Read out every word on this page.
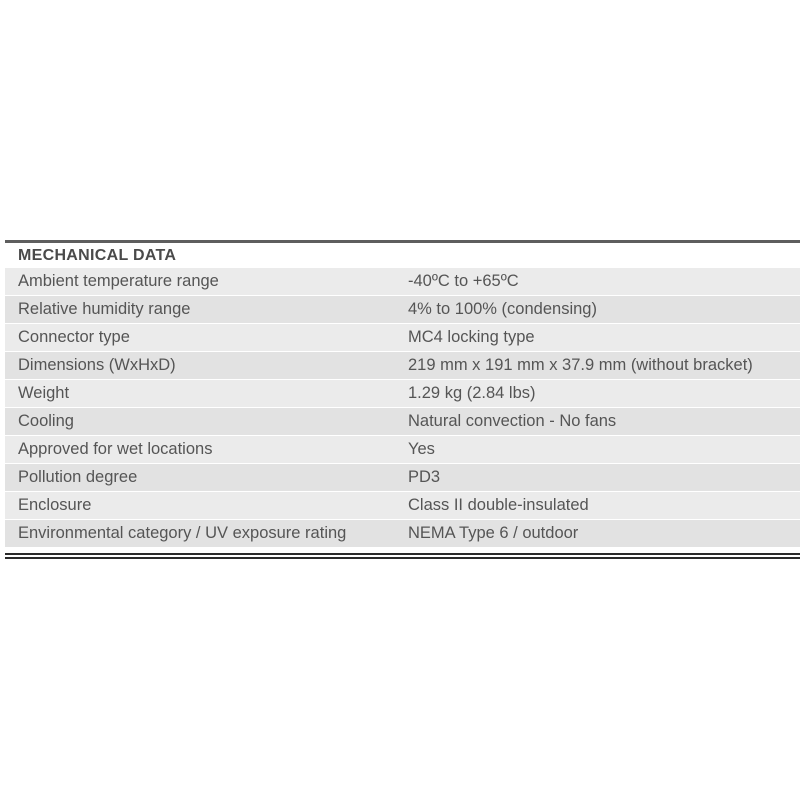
MECHANICAL DATA
Ambient temperature range	-40ºC to +65ºC
Relative humidity range	4% to 100% (condensing)
Connector type	MC4 locking type
Dimensions (WxHxD)	219 mm x 191 mm x 37.9 mm (without bracket)
Weight	1.29 kg (2.84 lbs)
Cooling	Natural convection - No fans
Approved for wet locations	Yes
Pollution degree	PD3
Enclosure	Class II double-insulated
Environmental category / UV exposure rating	NEMA Type 6 / outdoor
